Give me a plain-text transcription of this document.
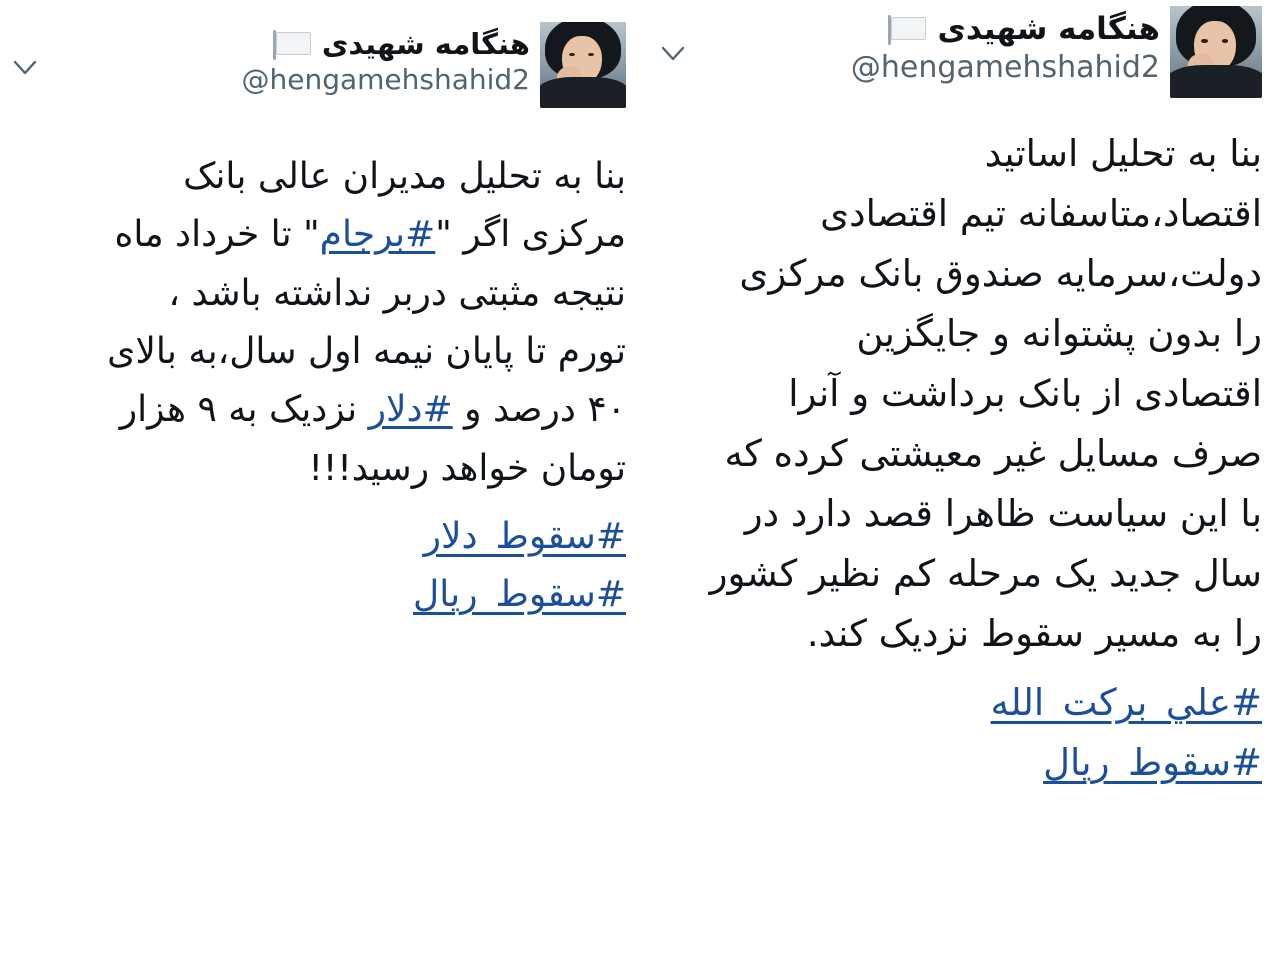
هنگامه شهیدی
@hengamehshahid2
بنا به تحلیل اساتید
اقتصاد،متاسفانه تیم اقتصادی
دولت،سرمایه صندوق بانک مرکزی
را بدون پشتوانه و جایگزین
اقتصادی از بانک برداشت و آنرا
صرف مسایل غیر معیشتی کرده که
با این سیاست ظاهرا قصد دارد در
سال جدید یک مرحله کم نظیر کشور
را به مسیر سقوط نزدیک کند.
#علي_بركت_الله
#سقوط_ریال
هنگامه شهیدی
@hengamehshahid2
بنا به تحلیل مدیران عالی بانک
مرکزی اگر "#برجام" تا خرداد ماه
نتیجه مثبتی دربر نداشته باشد ،
تورم تا پایان نیمه اول سال،به بالای
۴۰ درصد و #دلار نزدیک به ۹ هزار
تومان خواهد رسید!!!
#سقوط_دلار
#سقوط_ریال
